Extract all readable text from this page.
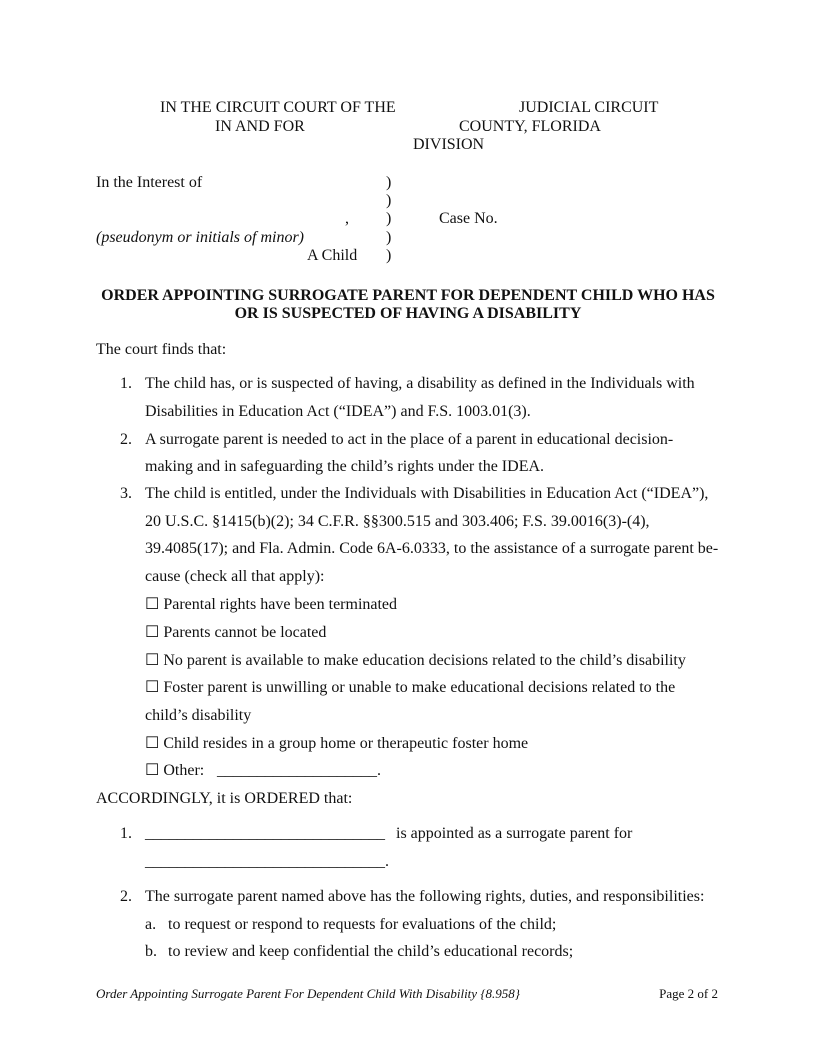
IN THE CIRCUIT COURT OF THE	JUDICIAL CIRCUIT
IN AND FOR	COUNTY, FLORIDA
DIVISION
In the Interest of	)
)
)
)
)
,	Case No.
(pseudonym or initials of minor)
A Child
ORDER APPOINTING SURROGATE PARENT FOR DEPENDENT CHILD WHO HAS
OR IS SUSPECTED OF HAVING A DISABILITY
The court finds that:
1. The child has, or is suspected of having, a disability as defined in the Individuals with
Disabilities in Education Act (“IDEA”) and F.S. 1003.01(3).
2. A surrogate parent is needed to act in the place of a parent in educational decision-
making and in safeguarding the child’s rights under the IDEA.
3. The child is entitled, under the Individuals with Disabilities in Education Act (“IDEA”),
20 U.S.C. §1415(b)(2); 34 C.F.R. §§300.515 and 303.406; F.S. 39.0016(3)-(4),
39.4085(17); and Fla. Admin. Code 6A-6.0333, to the assistance of a surrogate parent be-
cause (check all that apply):
☐ Parental rights have been terminated
☐ Parents cannot be located
☐ No parent is available to make education decisions related to the child’s disability
☐ Foster parent is unwilling or unable to make educational decisions related to the
child’s disability
☐ Child resides in a group home or therapeutic foster home
☐ Other: ____________________.
ACCORDINGLY, it is ORDERED that:
1. ______________________________ is appointed as a surrogate parent for
______________________________.
2. The surrogate parent named above has the following rights, duties, and responsibilities:
a. to request or respond to requests for evaluations of the child;
b. to review and keep confidential the child’s educational records;
Order Appointing Surrogate Parent For Dependent Child With Disability {8.958}	Page 2 of 2
